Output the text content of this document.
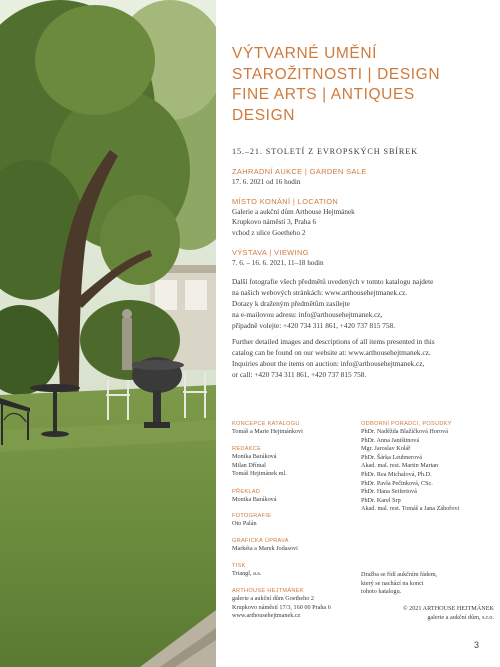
VÝTVARNÉ UMĚNÍ
STAROŽITNOSTI | DESIGN
FINE ARTS | ANTIQUES
DESIGN
15.–21. STOLETÍ Z EVROPSKÝCH SBÍREK
ZAHRADNÍ AUKCE | GARDEN SALE
17. 6. 2021 od 16 hodin
MÍSTO KONÁNÍ | LOCATION
Galerie a aukční dům Arthouse Hejtmánek
Krupkovo náměstí 3, Praha 6
vchod z ulice Goetheho 2
VÝSTAVA | VIEWING
7. 6. – 16. 6. 2021, 11–18 hodin
Další fotografie všech předmětů uvedených v tomto katalogu najdete
na našich webových stránkách: www.arthousehejtmanek.cz.
Dotazy k draženým předmětům zasílejte
na e-mailovou adresu: info@arthousehejtmanek.cz,
případně volejte: +420 734 311 861, +420 737 815 758.
Further detailed images and descriptions of all items presented in this
catalog can be found on our website at: www.arthousehejtmanek.cz.
Inquiries about the items on auction: info@arthousehejtmanek.cz,
or call: +420 734 311 861, +420 737 815 758.
KONCEPCE KATALOGU
Tomáš a Marie Hejtmánkovi
REDAKCE
Monika Baráková
Milan Dřímal
Tomáš Hejtmánek ml.
PŘEKLAD
Monika Baráková
FOTOGRAFIE
Oto Palán
GRAFICKÁ ÚPRAVA
Markéta a Marek Jodasovi
TISK
Triangl, a.s.
ARTHOUSE HEJTMÁNEK
galerie a aukční dům Goetheho 2
Krupkovo náměstí 17/3, 160 00 Praha 6
www.arthousehejtmanek.cz
ODBORNÍ PORADCI, POSUDKY
PhDr. Naděžda Blažíčková Horová
PhDr. Anna Janištinová
Mgr. Jaroslav Kolář
PhDr. Šárka Leubnerová
Akad. mal. rest. Martin Martan
PhDr. Rea Michalová, Ph.D.
PhDr. Pavla Pečinková, CSc.
PhDr. Hana Seifertová
PhDr. Karel Srp
Akad. mal. rest. Tomáš a Jana Záhořovi
Dražba se řídí aukčním řádem,
který se nachází na konci
tohoto katalogu.
© 2021 ARTHOUSE HEJTMÁNEK
galerie a aukční dům, s.r.o.
3
